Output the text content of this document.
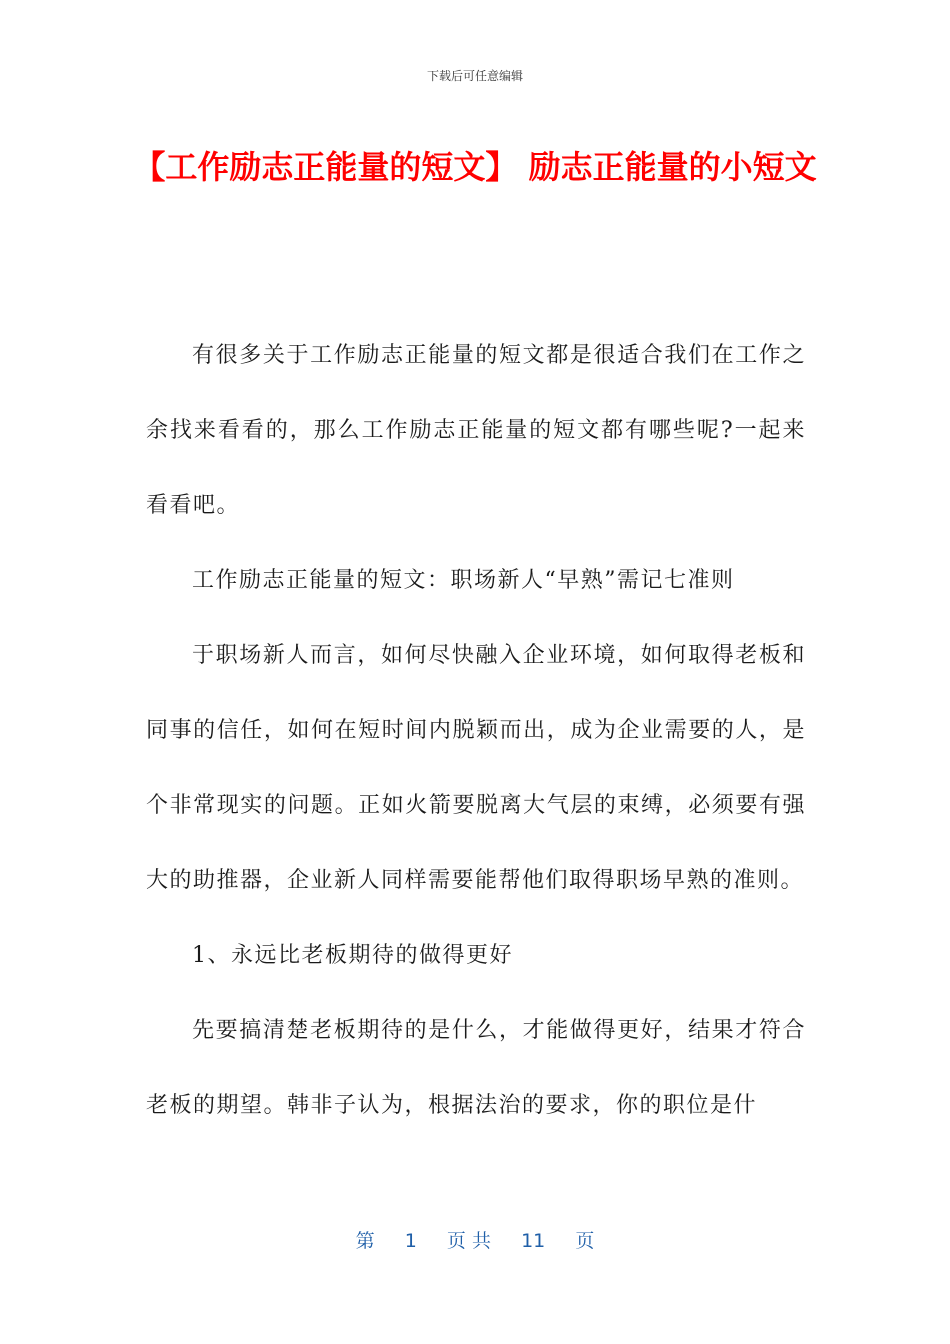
下载后可任意编辑
【工作励志正能量的短文】 励志正能量的小短文

有很多关于工作励志正能量的短文都是很适合我们在工作之余找来看看的，那么工作励志正能量的短文都有哪些呢?一起来看看吧。

工作励志正能量的短文：职场新人“早熟”需记七准则

于职场新人而言，如何尽快融入企业环境，如何取得老板和同事的信任，如何在短时间内脱颖而出，成为企业需要的人，是个非常现实的问题。正如火箭要脱离大气层的束缚，必须要有强大的助推器，企业新人同样需要能帮他们取得职场早熟的准则。

1、永远比老板期待的做得更好

先要搞清楚老板期待的是什么，才能做得更好，结果才符合老板的期望。韩非子认为，根据法治的要求，你的职位是什

第 1 页 共 11 页
